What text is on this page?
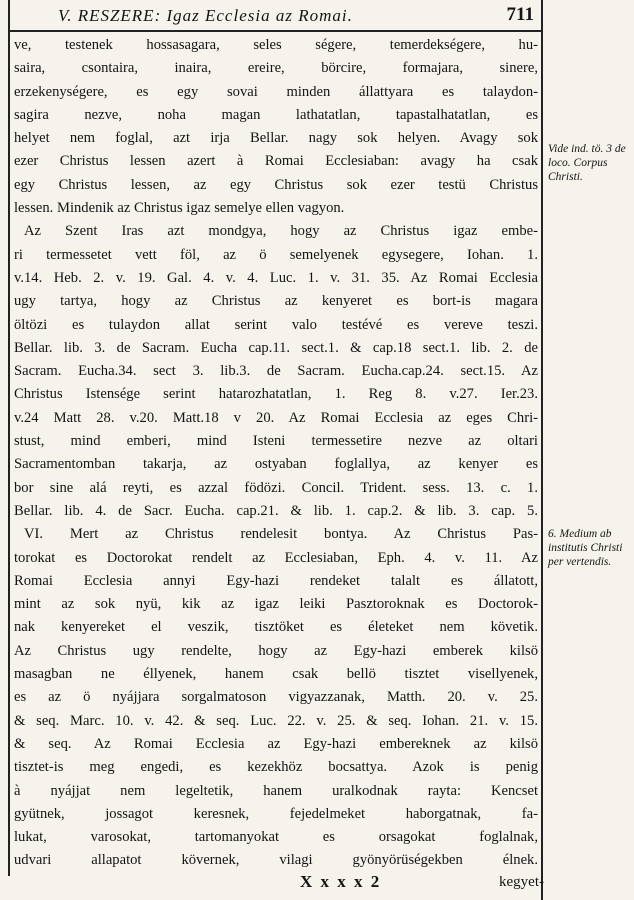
V. RESZERE: Igaz Ecclesia az Romai.	711
ve, testenek hossasagara, seles ségere, temerdekségere, hu-
saira, csontaira, inaira, ereire, börcire, formajara, sinere,
erzekenységere, es egy sovai minden állattyara es talaydon-
sagira nezve, noha magan lathatatlan, tapastalhatatlan, es
helyet nem foglal, azt irja Bellar. nagy sok helyen. Avagy sok
ezer Christus lessen azert à Romai Ecclesiaban: avagy ha csak
egy Christus lessen, az egy Christus sok ezer testü Christus
lessen. Mindenik az Christus igaz semelye ellen vagyon.
Az Szent Iras azt mondgya, hogy az Christus igaz embe-
ri termessetet vett föl, az ö semelyenek egysegere, Iohan. 1.
v.14. Heb. 2. v. 19. Gal. 4. v. 4. Luc. 1. v. 31. 35. Az Romai Ecclesia
ugy tartya, hogy az Christus az kenyeret es bort-is magara
öltözi es tulaydon allat serint valo testévé es vereve teszi.
Bellar. lib. 3. de Sacram. Eucha cap.11. sect.1. & cap.18 sect.1. lib. 2. de
Sacram. Eucha.34. sect 3. lib.3. de Sacram. Eucha.cap.24. sect.15. Az
Christus Istensége serint hatarozhatatlan, 1. Reg 8. v.27. Ier.23.
v.24 Matt 28. v.20. Matt.18 v 20. Az Romai Ecclesia az eges Chri-
stust, mind emberi, mind Isteni termessetire nezve az oltari
Sacramentomban takarja, az ostyaban foglallya, az kenyer es
bor sine alá reyti, es azzal födözi. Concil. Trident. sess. 13. c. 1.
Bellar. lib. 4. de Sacr. Eucha. cap.21. & lib. 1. cap.2. & lib. 3. cap. 5.
VI. Mert az Christus rendelesit bontya. Az Christus Pas-
torokat es Doctorokat rendelt az Ecclesiaban, Eph. 4. v. 11. Az
Romai Ecclesia annyi Egy-hazi rendeket talalt es állatott,
mint az sok nyü, kik az igaz leiki Pasztoroknak es Doctorok-
nak kenyereket el veszik, tisztöket es életeket nem követik.
Az Christus ugy rendelte, hogy az Egy-hazi emberek kilsö
masagban ne éllyenek, hanem csak bellö tisztet visellyenek,
es az ö nyájjara sorgalmatoson vigyazzanak, Matth. 20. v. 25.
& seq. Marc. 10. v. 42. & seq. Luc. 22. v. 25. & seq. Iohan. 21. v. 15.
& seq. Az Romai Ecclesia az Egy-hazi embereknek az kilsö
tisztet-is meg engedi, es kezekhöz bocsattya. Azok is penig
à nyájjat nem legeltetik, hanem uralkodnak rayta: Kencset
gyütnek, jossagot keresnek, fejedelmeket haborgatnak, fa-
lukat, varosokat, tartomanyokat es orsagokat foglalnak,
udvari allapatot kövernek, vilagi gyönyörüségekben élnek.
Vide ind. tö. 3 de loco. Corpus Christi.
6. Medium ab institutis Christi per vertendis.
X x x x 2	kegyet-
